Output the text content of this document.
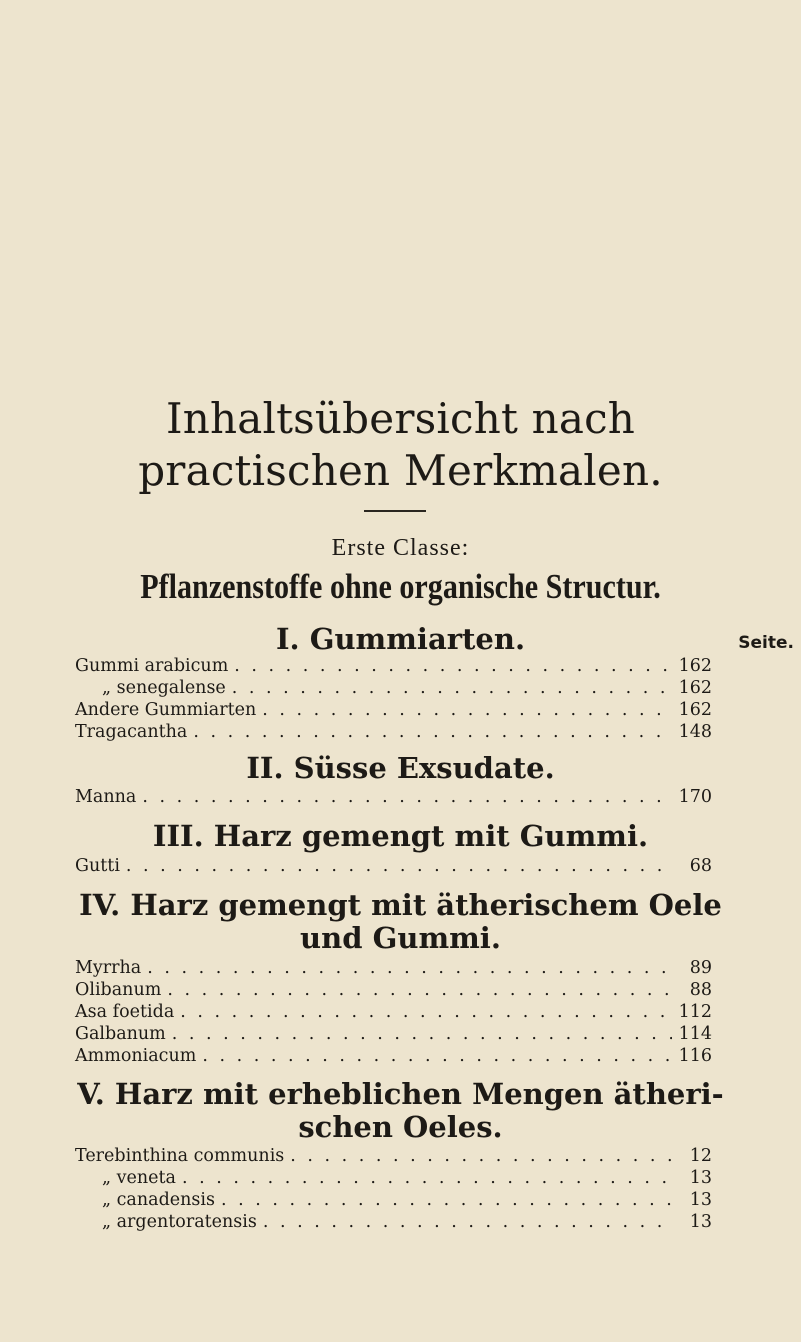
Inhaltsübersicht nach practischen Merkmalen.
Erste Classe:
Pflanzenstoffe ohne organische Structur.
I. Gummiarten.	Seite.
Gummi arabicum . . .	162
„ senegalense . . .	162
Andere Gummiarten . . .	162
Tragacantha . . .	148
II. Süsse Exsudate.
Manna . . .	170
III. Harz gemengt mit Gummi.
Gutti . . .	68
IV. Harz gemengt mit ätherischem Oele
und Gummi.
Myrrha . . .	89
Olibanum . . .	88
Asa foetida . . .	112
Galbanum . . .	114
Ammoniacum . . .	116
V. Harz mit erheblichen Mengen ätheri-
schen Oeles.
Terebinthina communis . . .	12
„ veneta . . .	13
„ canadensis . . .	13
„ argentoratensis . . .	13
